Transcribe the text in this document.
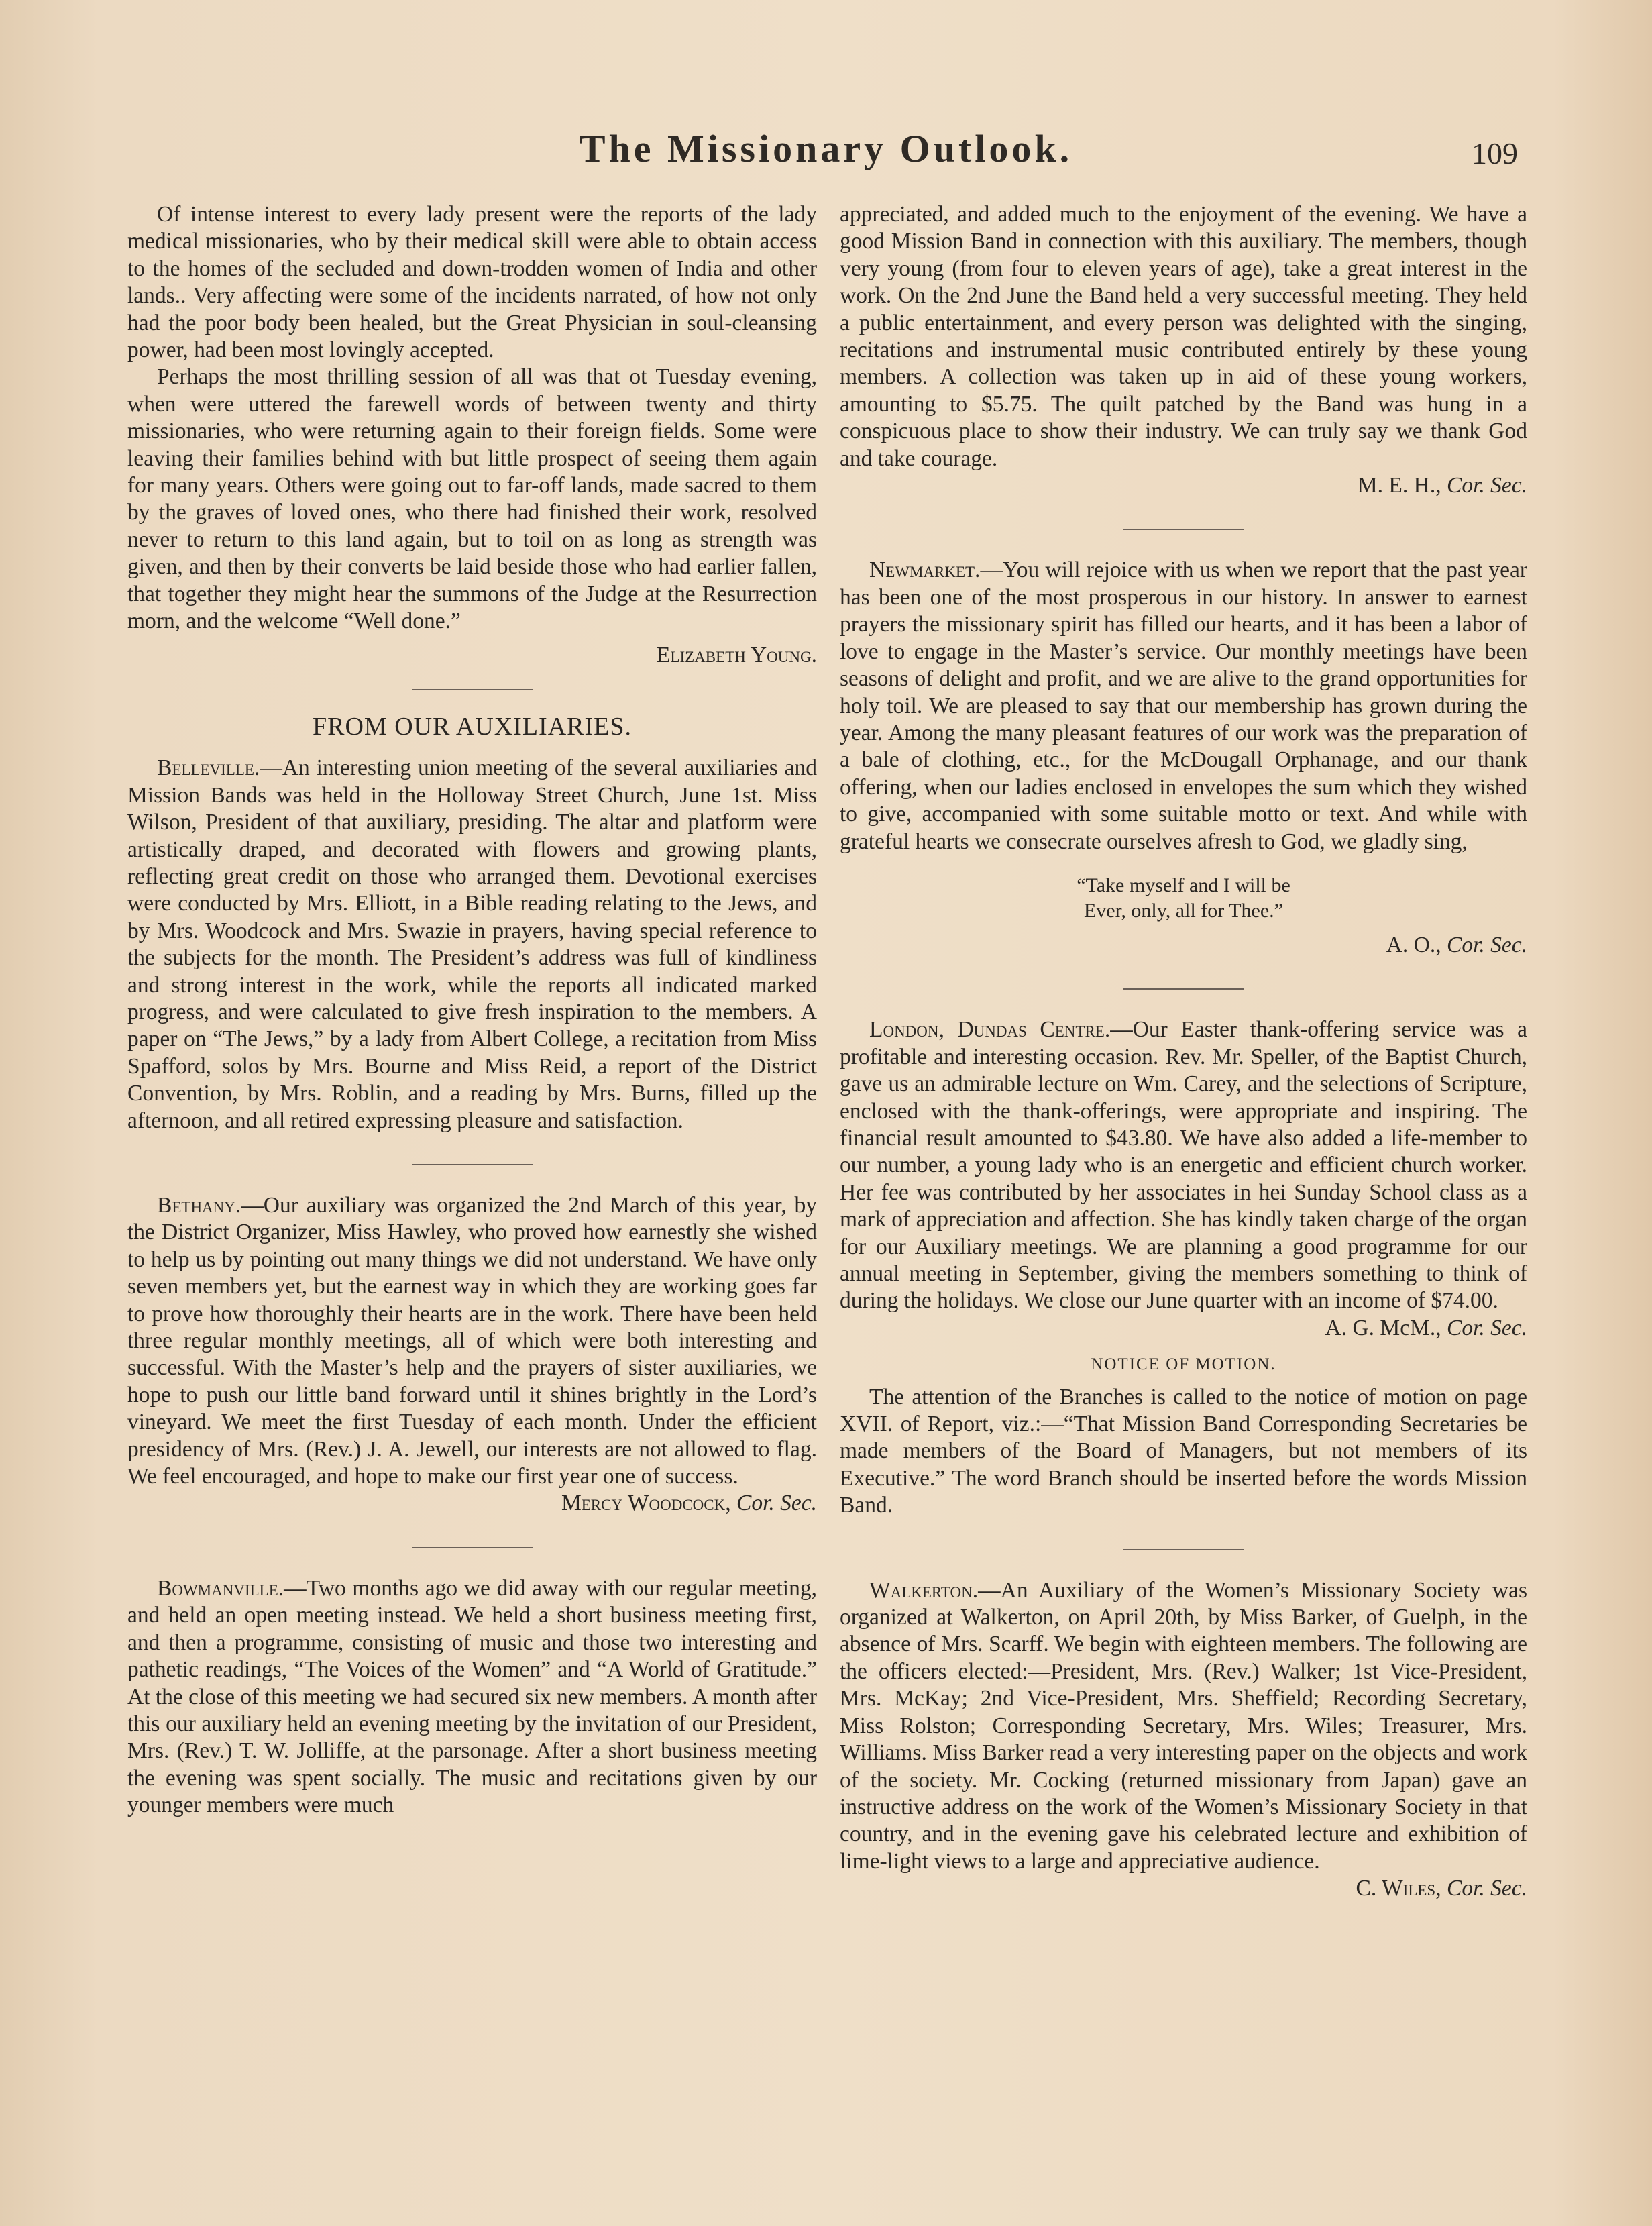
The Missionary Outlook.	109

Of intense interest to every lady present were the reports of the lady medical missionaries, who by their medical skill were able to obtain access to the homes of the secluded and down-trodden women of India and other lands.. Very affecting were some of the incidents narrated, of how not only had the poor body been healed, but the Great Physician in soul-cleansing power, had been most lovingly accepted.

Perhaps the most thrilling session of all was that ot Tuesday evening, when were uttered the farewell words of between twenty and thirty missionaries, who were returning again to their foreign fields. Some were leaving their families behind with but little prospect of seeing them again for many years. Others were going out to far-off lands, made sacred to them by the graves of loved ones, who there had finished their work, resolved never to return to this land again, but to toil on as long as strength was given, and then by their converts be laid beside those who had earlier fallen, that together they might hear the summons of the Judge at the Resurrection morn, and the welcome “Well done.”

Elizabeth Young.

FROM OUR AUXILIARIES.

Belleville.—An interesting union meeting of the several auxiliaries and Mission Bands was held in the Holloway Street Church, June 1st. Miss Wilson, President of that auxiliary, presiding. The altar and platform were artistically draped, and decorated with flowers and growing plants, reflecting great credit on those who arranged them. Devotional exercises were conducted by Mrs. Elliott, in a Bible reading relating to the Jews, and by Mrs. Woodcock and Mrs. Swazie in prayers, having special reference to the subjects for the month. The President’s address was full of kindliness and strong interest in the work, while the reports all indicated marked progress, and were calculated to give fresh inspiration to the members. A paper on “The Jews,” by a lady from Albert College, a recitation from Miss Spafford, solos by Mrs. Bourne and Miss Reid, a report of the District Convention, by Mrs. Roblin, and a reading by Mrs. Burns, filled up the afternoon, and all retired expressing pleasure and satisfaction.

Bethany.—Our auxiliary was organized the 2nd March of this year, by the District Organizer, Miss Hawley, who proved how earnestly she wished to help us by pointing out many things we did not understand. We have only seven members yet, but the earnest way in which they are working goes far to prove how thoroughly their hearts are in the work. There have been held three regular monthly meetings, all of which were both interesting and successful. With the Master’s help and the prayers of sister auxiliaries, we hope to push our little band forward until it shines brightly in the Lord’s vineyard. We meet the first Tuesday of each month. Under the efficient presidency of Mrs. (Rev.) J. A. Jewell, our interests are not allowed to flag. We feel encouraged, and hope to make our first year one of success.

Mercy Woodcock, Cor. Sec.

Bowmanville.—Two months ago we did away with our regular meeting, and held an open meeting instead. We held a short business meeting first, and then a programme, consisting of music and those two interesting and pathetic readings, “The Voices of the Women” and “A World of Gratitude.” At the close of this meeting we had secured six new members. A month after this our auxiliary held an evening meeting by the invitation of our President, Mrs. (Rev.) T. W. Jolliffe, at the parsonage. After a short business meeting the evening was spent socially. The music and recitations given by our younger members were much

appreciated, and added much to the enjoyment of the evening. We have a good Mission Band in connection with this auxiliary. The members, though very young (from four to eleven years of age), take a great interest in the work. On the 2nd June the Band held a very successful meeting. They held a public entertainment, and every person was delighted with the singing, recitations and instrumental music contributed entirely by these young members. A collection was taken up in aid of these young workers, amounting to $5.75. The quilt patched by the Band was hung in a conspicuous place to show their industry. We can truly say we thank God and take courage.

M. E. H., Cor. Sec.

Newmarket.—You will rejoice with us when we report that the past year has been one of the most prosperous in our history. In answer to earnest prayers the missionary spirit has filled our hearts, and it has been a labor of love to engage in the Master’s service. Our monthly meetings have been seasons of delight and profit, and we are alive to the grand opportunities for holy toil. We are pleased to say that our membership has grown during the year. Among the many pleasant features of our work was the preparation of a bale of clothing, etc., for the McDougall Orphanage, and our thank offering, when our ladies enclosed in envelopes the sum which they wished to give, accompanied with some suitable motto or text. And while with grateful hearts we consecrate ourselves afresh to God, we gladly sing,

“Take myself and I will be
Ever, only, all for Thee.”

A. O., Cor. Sec.

London, Dundas Centre.—Our Easter thank-offering service was a profitable and interesting occasion. Rev. Mr. Speller, of the Baptist Church, gave us an admirable lecture on Wm. Carey, and the selections of Scripture, enclosed with the thank-offerings, were appropriate and inspiring. The financial result amounted to $43.80. We have also added a life-member to our number, a young lady who is an energetic and efficient church worker. Her fee was contributed by her associates in hei Sunday School class as a mark of appreciation and affection. She has kindly taken charge of the organ for our Auxiliary meetings. We are planning a good programme for our annual meeting in September, giving the members something to think of during the holidays. We close our June quarter with an income of $74.00.

A. G. McM., Cor. Sec.

NOTICE OF MOTION.

The attention of the Branches is called to the notice of motion on page XVII. of Report, viz.:—“That Mission Band Corresponding Secretaries be made members of the Board of Managers, but not members of its Executive.” The word Branch should be inserted before the words Mission Band.

Walkerton.—An Auxiliary of the Women’s Missionary Society was organized at Walkerton, on April 20th, by Miss Barker, of Guelph, in the absence of Mrs. Scarff. We begin with eighteen members. The following are the officers elected:—President, Mrs. (Rev.) Walker; 1st Vice-President, Mrs. McKay; 2nd Vice-President, Mrs. Sheffield; Recording Secretary, Miss Rolston; Corresponding Secretary, Mrs. Wiles; Treasurer, Mrs. Williams. Miss Barker read a very interesting paper on the objects and work of the society. Mr. Cocking (returned missionary from Japan) gave an instructive address on the work of the Women’s Missionary Society in that country, and in the evening gave his celebrated lecture and exhibition of lime-light views to a large and appreciative audience.

C. Wiles, Cor. Sec.
